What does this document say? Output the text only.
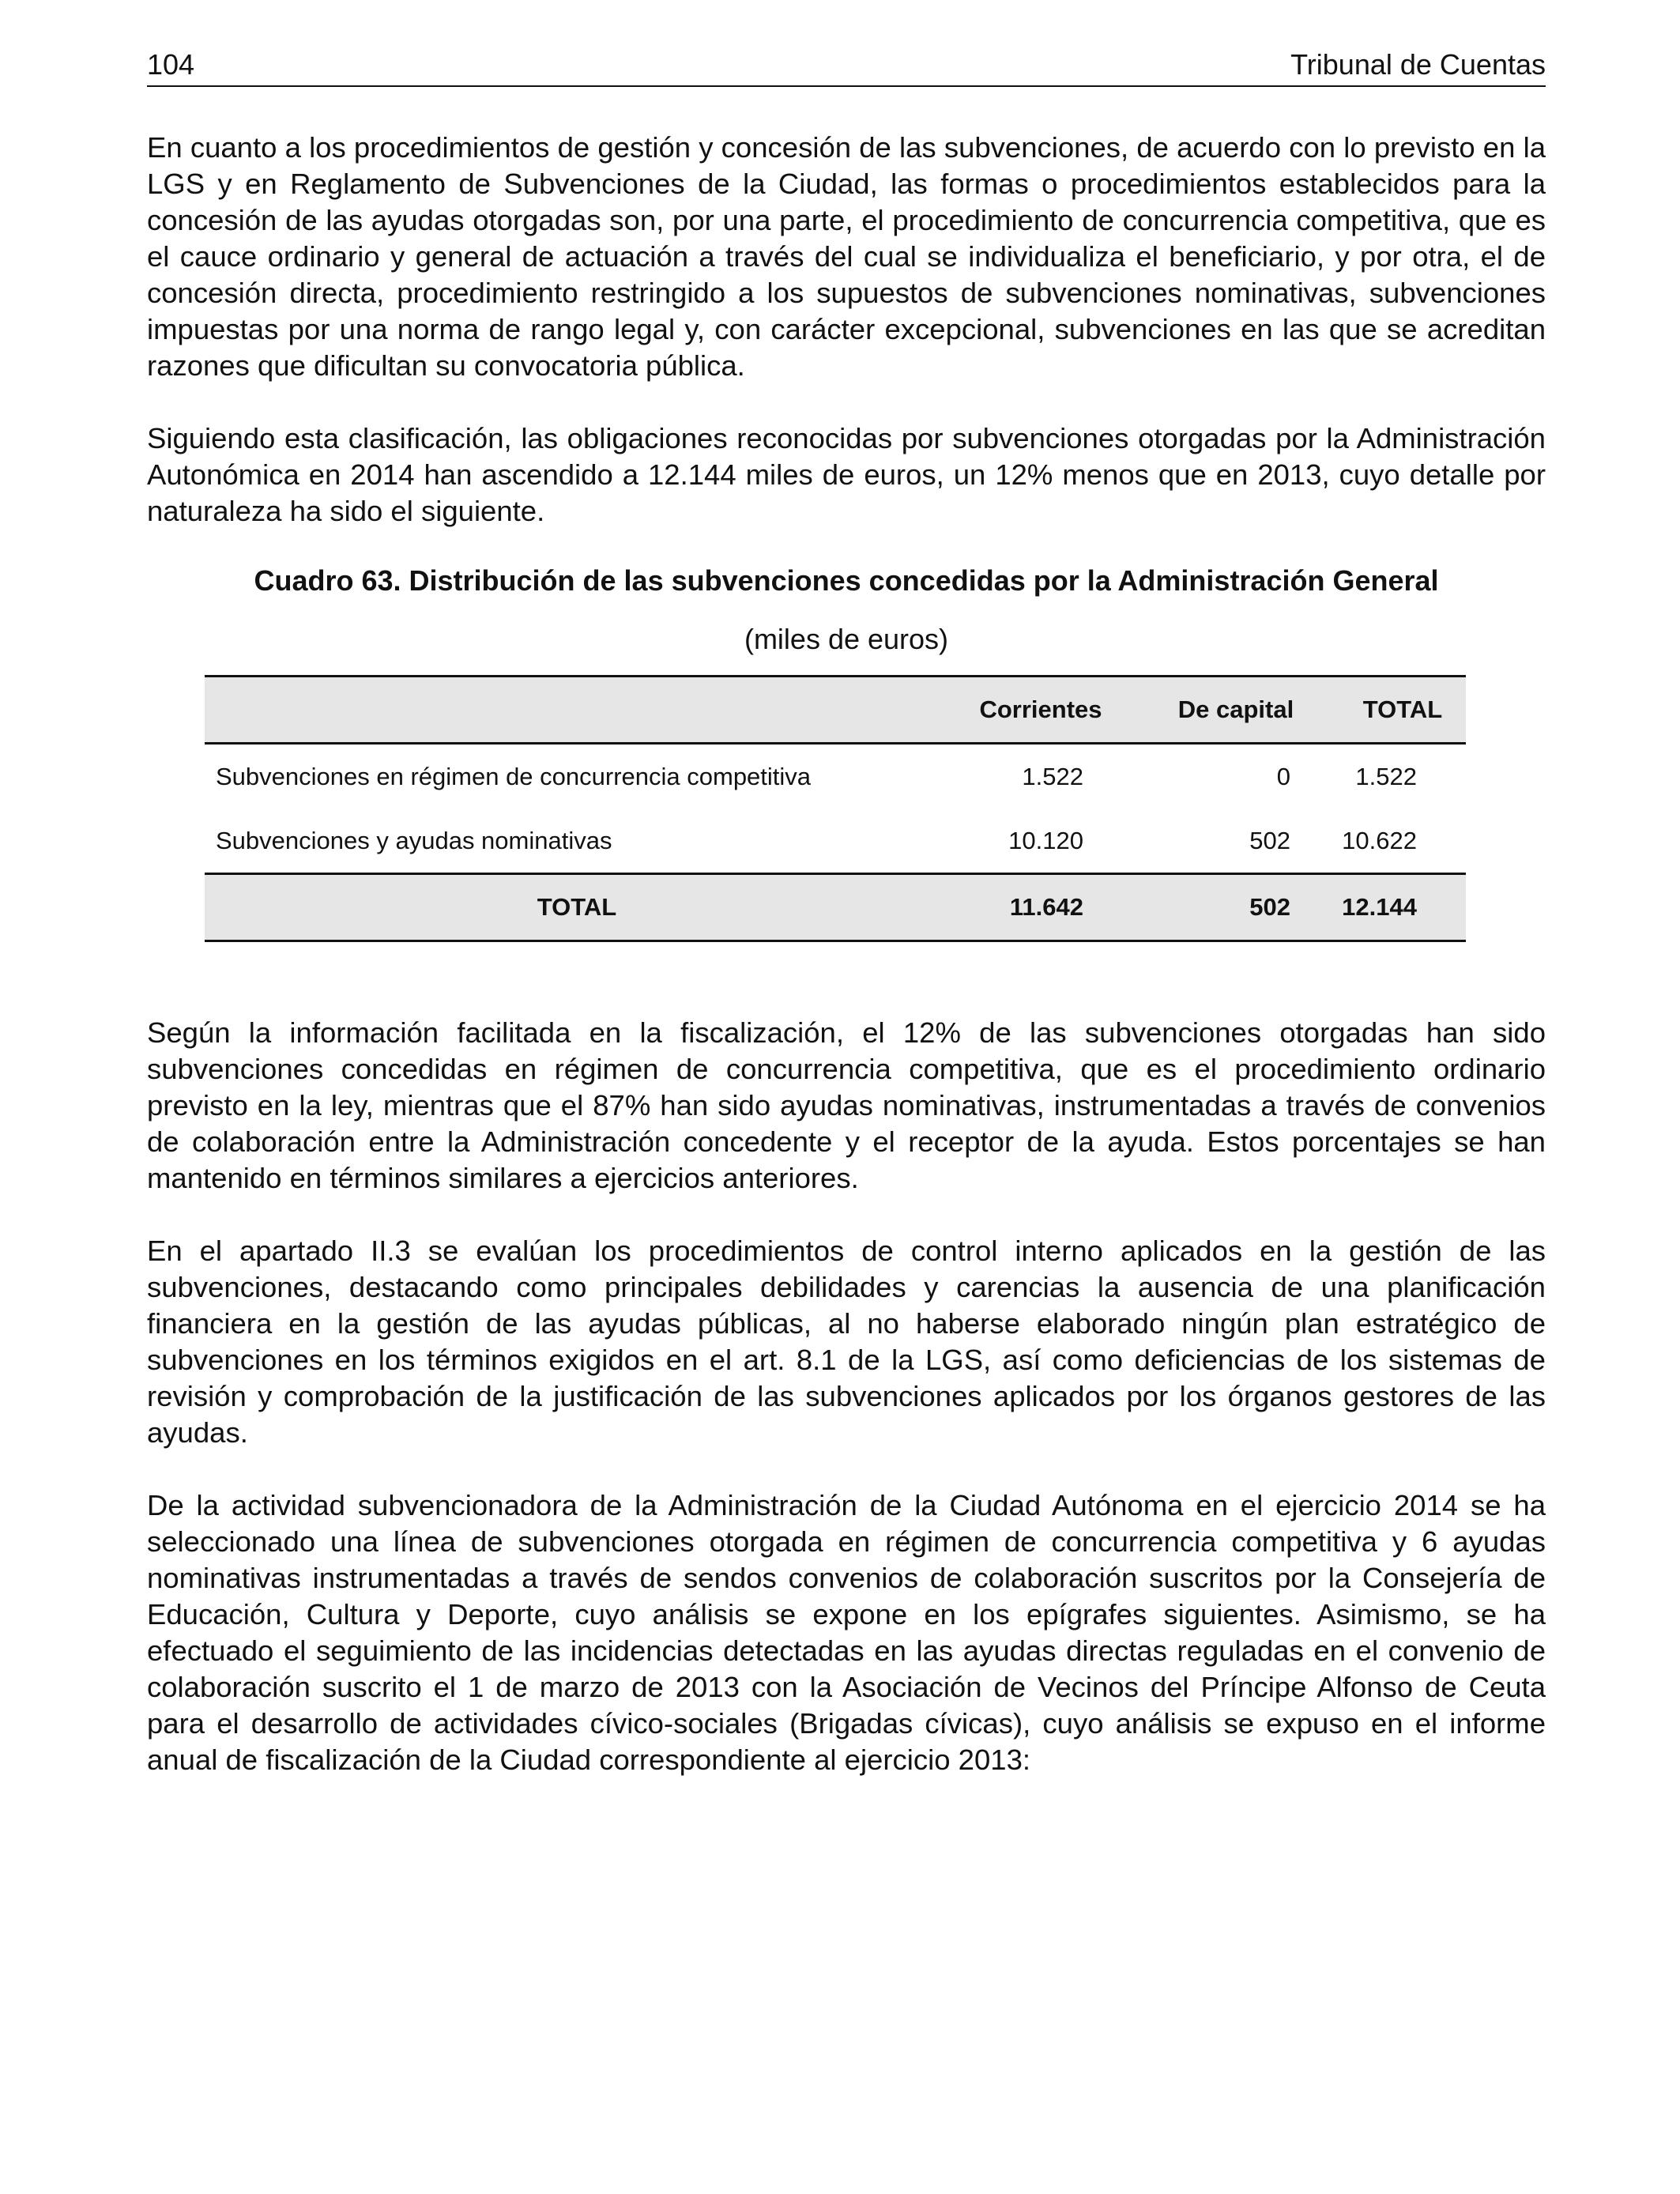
104	Tribunal de Cuentas

En cuanto a los procedimientos de gestión y concesión de las subvenciones, de acuerdo con lo previsto en la LGS y en Reglamento de Subvenciones de la Ciudad, las formas o procedimientos establecidos para la concesión de las ayudas otorgadas son, por una parte, el procedimiento de concurrencia competitiva, que es el cauce ordinario y general de actuación a través del cual se individualiza el beneficiario, y por otra, el de concesión directa, procedimiento restringido a los supuestos de subvenciones nominativas, subvenciones impuestas por una norma de rango legal y, con carácter excepcional, subvenciones en las que se acreditan razones que dificultan su convocatoria pública.

Siguiendo esta clasificación, las obligaciones reconocidas por subvenciones otorgadas por la Administración Autonómica en 2014 han ascendido a 12.144 miles de euros, un 12% menos que en 2013, cuyo detalle por naturaleza ha sido el siguiente.

Cuadro 63. Distribución de las subvenciones concedidas por la Administración General
(miles de euros)
	Corrientes	De capital	TOTAL
Subvenciones en régimen de concurrencia competitiva	1.522	0	1.522
Subvenciones y ayudas nominativas	10.120	502	10.622
TOTAL	11.642	502	12.144

Según la información facilitada en la fiscalización, el 12% de las subvenciones otorgadas han sido subvenciones concedidas en régimen de concurrencia competitiva, que es el procedimiento ordinario previsto en la ley, mientras que el 87% han sido ayudas nominativas, instrumentadas a través de convenios de colaboración entre la Administración concedente y el receptor de la ayuda. Estos porcentajes se han mantenido en términos similares a ejercicios anteriores.

En el apartado II.3 se evalúan los procedimientos de control interno aplicados en la gestión de las subvenciones, destacando como principales debilidades y carencias la ausencia de una planificación financiera en la gestión de las ayudas públicas, al no haberse elaborado ningún plan estratégico de subvenciones en los términos exigidos en el art. 8.1 de la LGS, así como deficiencias de los sistemas de revisión y comprobación de la justificación de las subvenciones aplicados por los órganos gestores de las ayudas.

De la actividad subvencionadora de la Administración de la Ciudad Autónoma en el ejercicio 2014 se ha seleccionado una línea de subvenciones otorgada en régimen de concurrencia competitiva y 6 ayudas nominativas instrumentadas a través de sendos convenios de colaboración suscritos por la Consejería de Educación, Cultura y Deporte, cuyo análisis se expone en los epígrafes siguientes. Asimismo, se ha efectuado el seguimiento de las incidencias detectadas en las ayudas directas reguladas en el convenio de colaboración suscrito el 1 de marzo de 2013 con la Asociación de Vecinos del Príncipe Alfonso de Ceuta para el desarrollo de actividades cívico-sociales (Brigadas cívicas), cuyo análisis se expuso en el informe anual de fiscalización de la Ciudad correspondiente al ejercicio 2013:
